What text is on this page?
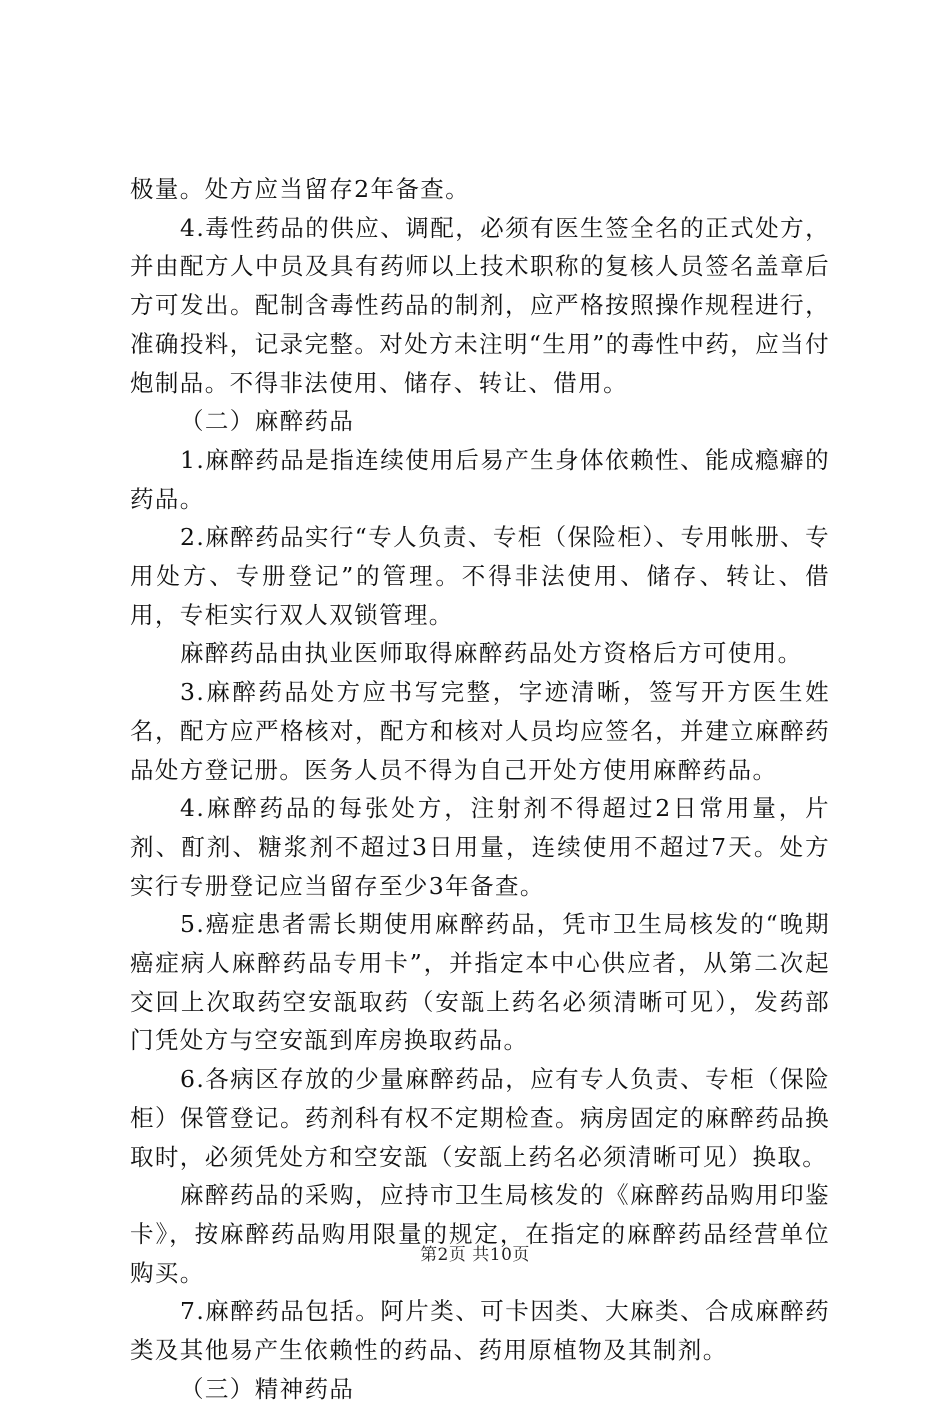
极量。处方应当留存2年备查。

4.毒性药品的供应、调配，必须有医生签全名的正式处方，并由配方人中员及具有药师以上技术职称的复核人员签名盖章后方可发出。配制含毒性药品的制剂，应严格按照操作规程进行，准确投料，记录完整。对处方未注明“生用”的毒性中药，应当付炮制品。不得非法使用、储存、转让、借用。

（二）麻醉药品

1.麻醉药品是指连续使用后易产生身体依赖性、能成瘾癖的药品。

2.麻醉药品实行“专人负责、专柜（保险柜）、专用帐册、专用处方、专册登记”的管理。不得非法使用、储存、转让、借用，专柜实行双人双锁管理。

麻醉药品由执业医师取得麻醉药品处方资格后方可使用。

3.麻醉药品处方应书写完整，字迹清晰，签写开方医生姓名，配方应严格核对，配方和核对人员均应签名，并建立麻醉药品处方登记册。医务人员不得为自己开处方使用麻醉药品。

4.麻醉药品的每张处方，注射剂不得超过2日常用量，片剂、酊剂、糖浆剂不超过3日用量，连续使用不超过7天。处方实行专册登记应当留存至少3年备查。

5.癌症患者需长期使用麻醉药品，凭市卫生局核发的“晚期癌症病人麻醉药品专用卡”，并指定本中心供应者，从第二次起交回上次取药空安瓿取药（安瓿上药名必须清晰可见），发药部门凭处方与空安瓿到库房换取药品。

6.各病区存放的少量麻醉药品，应有专人负责、专柜（保险柜）保管登记。药剂科有权不定期检查。病房固定的麻醉药品换取时，必须凭处方和空安瓿（安瓿上药名必须清晰可见）换取。

麻醉药品的采购，应持市卫生局核发的《麻醉药品购用印鉴卡》，按麻醉药品购用限量的规定，在指定的麻醉药品经营单位购买。

7.麻醉药品包括。阿片类、可卡因类、大麻类、合成麻醉药类及其他易产生依赖性的药品、药用原植物及其制剂。

（三）精神药品

第2页 共10页
